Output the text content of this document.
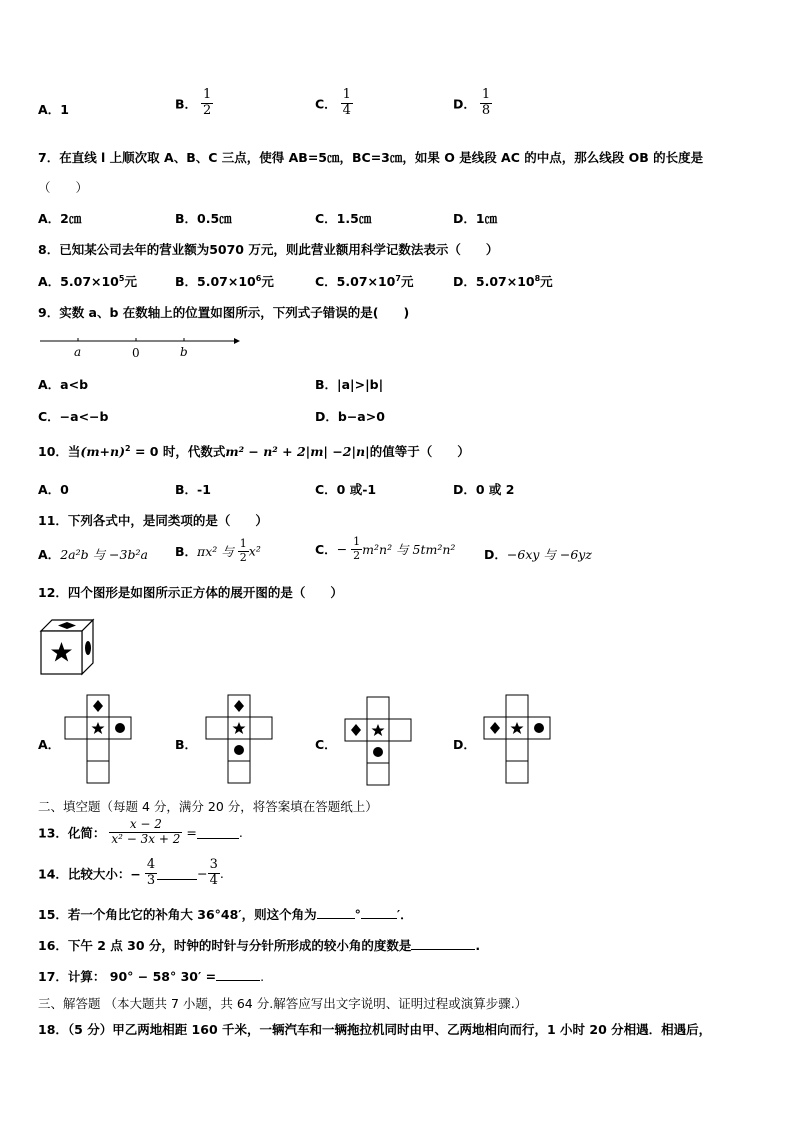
A．1	B． $\frac{1}{2}$	C． $\frac{1}{4}$	D． $\frac{1}{8}$
7．在直线 l 上顺次取 A、B、C 三点，使得 AB=5㎝，BC=3㎝，如果 O 是线段 AC 的中点，那么线段 OB 的长度是
（　　）
A．2㎝	B．0.5㎝	C．1.5㎝	D．1㎝
8．已知某公司去年的营业额为5070 万元，则此营业额用科学记数法表示（　　）
A．$5.07\times 10^5$元	B．$5.07\times 10^6$元	C．$5.07\times 10^7$元	D．$5.07\times 10^8$元
9．实数 a、b 在数轴上的位置如图所示，下列式子错误的是(　　)
a	0	b
A．a<b	B．|a|>|b|
C．−a<−b	D．b−a>0
10．当$(m+n)^2 = 0$ 时，代数式m² − n² + 2|m| −2|n|的值等于（　　）
A．0	B．-1	C．0 或-1	D．0 或 2
11．下列各式中，是同类项的是（　　）
A．2a²b 与 −3b²a B．πx² 与 $\frac{1}{2} x^2$	C．− $\frac{1}{2} m^2n^2$ 与 5tm²n² D．−6xy 与 −6yz
12．四个图形是如图所示正方体的展开图的是（　　）
A．	B．	C．	D．
二、填空题（每题 4 分，满分 20 分，将答案填在答题纸上）
13．化简： $\frac{x - 2}{\text{x² − 3x + 2}}$ =	.
14．比较大小：− $\frac{4}{3}$	− $\frac{3}{4}$ .
15．若一个角比它的补角大 36°48′，则这个角为	°	′．
16．下午 2 点 30 分，时钟的时针与分针所形成的较小角的度数是	.
17．计算： 90° − 58° 30′ =	.
三、解答题 （本大题共 7 小题，共 64 分.解答应写出文字说明、证明过程或演算步骤.）
18．（5 分）甲乙两地相距 160 千米，一辆汽车和一辆拖拉机同时由甲、乙两地相向而行，1 小时 20 分相遇．相遇后，
